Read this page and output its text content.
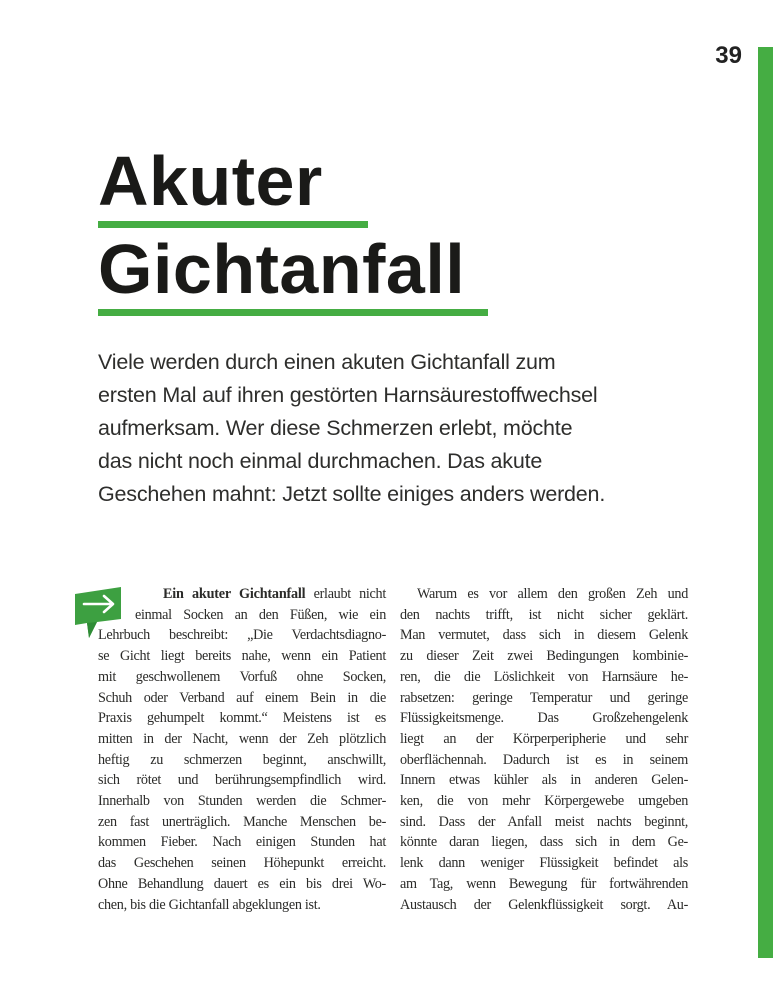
39
Akuter
Gichtanfall
Viele werden durch einen akuten Gichtanfall zum
ersten Mal auf ihren gestörten Harnsäurestoffwechsel
aufmerksam. Wer diese Schmerzen erlebt, möchte
das nicht noch einmal durchmachen. Das akute
Geschehen mahnt: Jetzt sollte einiges anders werden.
Ein akuter Gichtanfall erlaubt nicht
einmal Socken an den Füßen, wie ein
Lehrbuch beschreibt: „Die Verdachtsdiagno-
se Gicht liegt bereits nahe, wenn ein Patient
mit geschwollenem Vorfuß ohne Socken,
Schuh oder Verband auf einem Bein in die
Praxis gehumpelt kommt.“ Meistens ist es
mitten in der Nacht, wenn der Zeh plötzlich
heftig zu schmerzen beginnt, anschwillt,
sich rötet und berührungsempfindlich wird.
Innerhalb von Stunden werden die Schmer-
zen fast unerträglich. Manche Menschen be-
kommen Fieber. Nach einigen Stunden hat
das Geschehen seinen Höhepunkt erreicht.
Ohne Behandlung dauert es ein bis drei Wo-
chen, bis die Gichtanfall abgeklungen ist.
Warum es vor allem den großen Zeh und
den nachts trifft, ist nicht sicher geklärt.
Man vermutet, dass sich in diesem Gelenk
zu dieser Zeit zwei Bedingungen kombinie-
ren, die die Löslichkeit von Harnsäure he-
rabsetzen: geringe Temperatur und geringe
Flüssigkeitsmenge. Das Großzehengelenk
liegt an der Körperperipherie und sehr
oberflächennah. Dadurch ist es in seinem
Innern etwas kühler als in anderen Gelen-
ken, die von mehr Körpergewebe umgeben
sind. Dass der Anfall meist nachts beginnt,
könnte daran liegen, dass sich in dem Ge-
lenk dann weniger Flüssigkeit befindet als
am Tag, wenn Bewegung für fortwährenden
Austausch der Gelenkflüssigkeit sorgt. Au-
